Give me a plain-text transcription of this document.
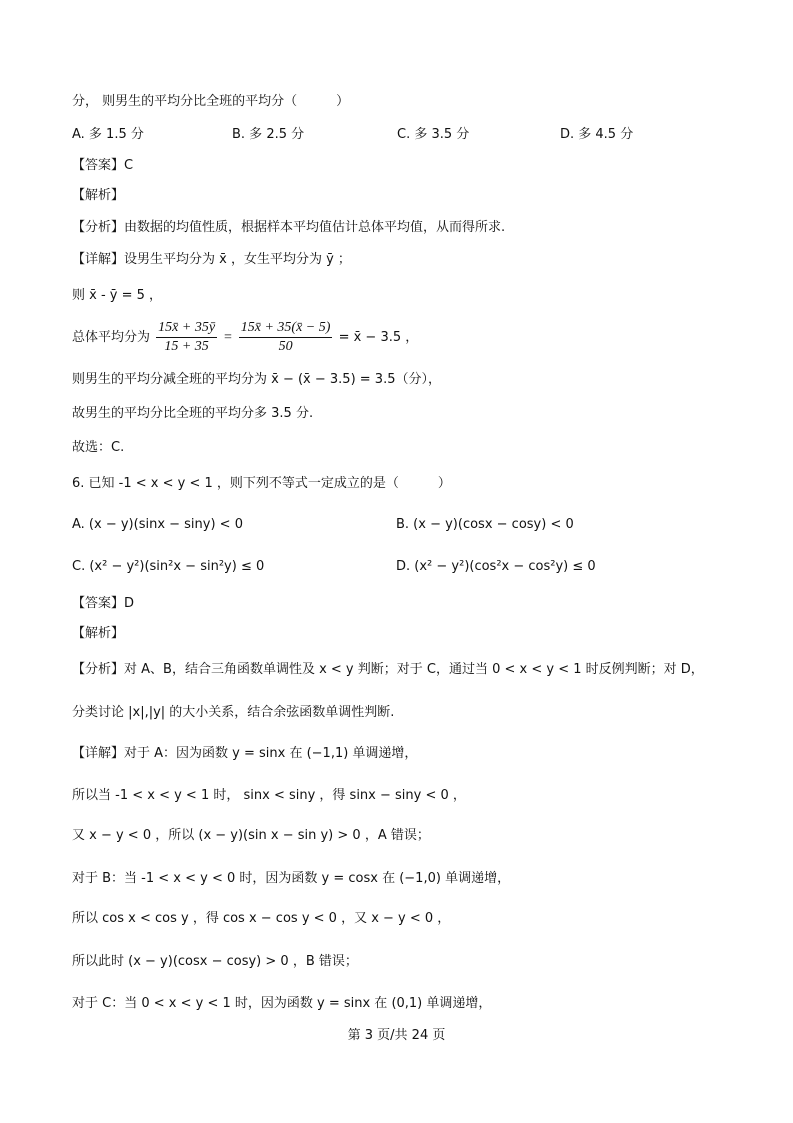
分， 则男生的平均分比全班的平均分（　　　）
A. 多 1.5 分	B. 多 2.5 分	C. 多 3.5 分	D. 多 4.5 分
【答案】C
【解析】
【分析】由数据的均值性质，根据样本平均值估计总体平均值，从而得所求.
【详解】设男生平均分为 x̄ ，女生平均分为 ȳ ；
则 x̄ - ȳ = 5 ，
总体平均分为 $\frac{15x̄ + 35ȳ}{15 + 35} = \frac{15x̄ + 35(x̄ - 5)}{50}$ = x̄ − 3.5 ，
则男生的平均分减全班的平均分为 x̄ − (x̄ − 3.5) = 3.5（分），
故男生的平均分比全班的平均分多 3.5 分.
故选：C.
6. 已知 -1 < x < y < 1 ，则下列不等式一定成立的是（　　　）
A. (x − y)(sinx − siny) < 0	B. (x − y)(cosx − cosy) < 0
C. (x² − y²)(sin²x − sin²y) ≤ 0	D. (x² − y²)(cos²x − cos²y) ≤ 0
【答案】D
【解析】
【分析】对 A、B，结合三角函数单调性及 x < y 判断；对于 C，通过当 0 < x < y < 1 时反例判断；对 D，
分类讨论 |x|,|y| 的大小关系，结合余弦函数单调性判断.
【详解】对于 A：因为函数 y = sinx 在 (−1,1) 单调递增，
所以当 -1 < x < y < 1 时， sinx < siny ，得 sinx − siny < 0 ，
又 x − y < 0 ，所以 (x − y)(sin x − sin y) > 0 ，A 错误；
对于 B：当 -1 < x < y < 0 时，因为函数 y = cosx 在 (−1,0) 单调递增，
所以 cos x < cos y ，得 cos x − cos y < 0 ，又 x − y < 0 ，
所以此时 (x − y)(cosx − cosy) > 0 ，B 错误；
对于 C：当 0 < x < y < 1 时，因为函数 y = sinx 在 (0,1) 单调递增，
第 3 页/共 24 页
